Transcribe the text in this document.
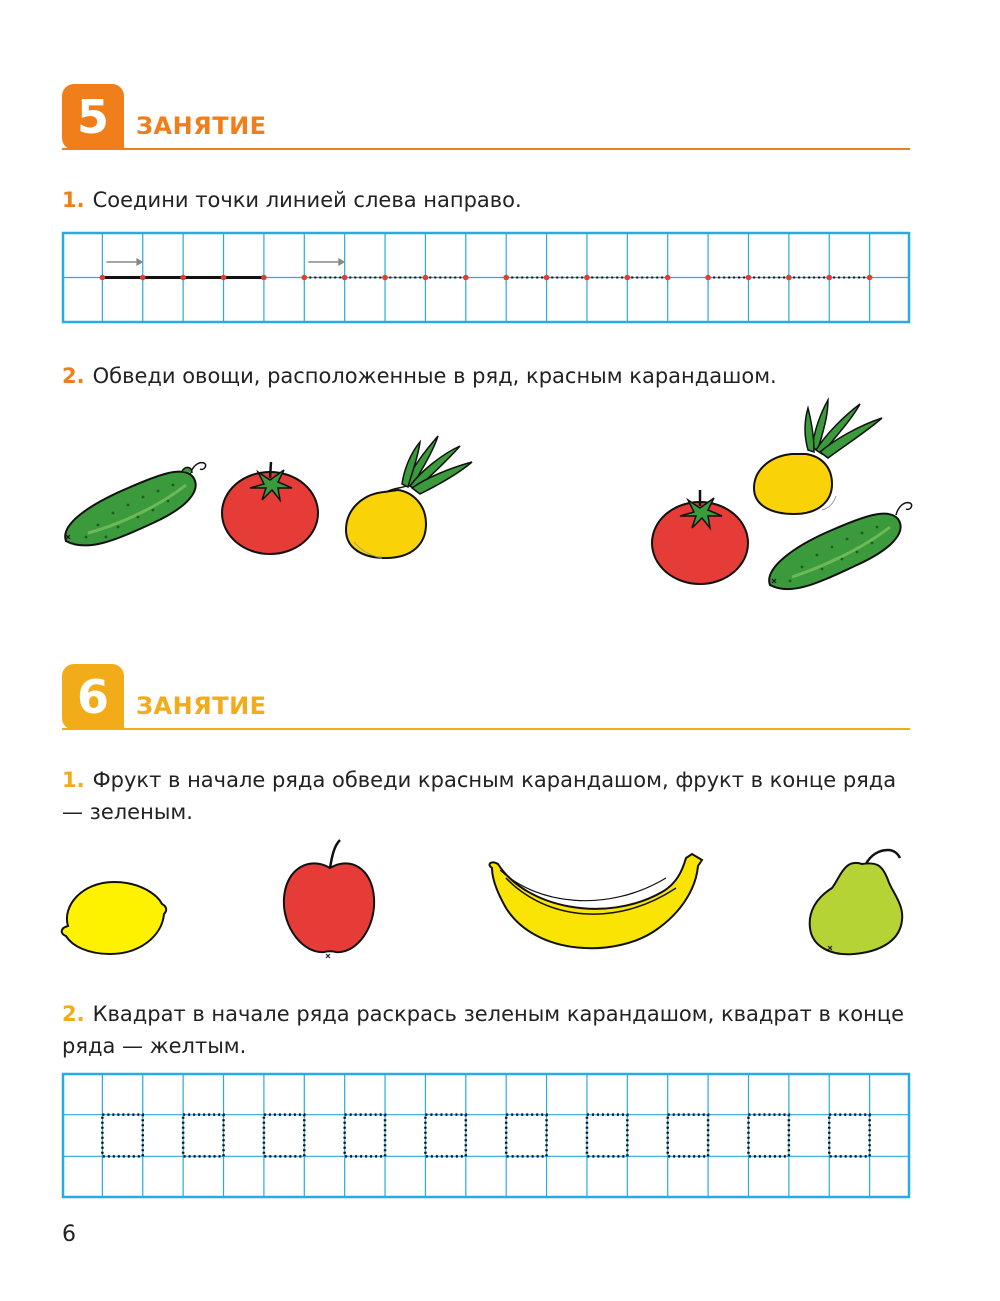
5	ЗАНЯТИЕ
1. Соедини точки линией слева направо.
2. Обведи овощи, расположенные в ряд, красным карандашом.
6	ЗАНЯТИЕ
1. Фрукт в начале ряда обведи красным карандашом, фрукт в конце ряда — зеленым.
2. Квадрат в начале ряда раскрась зеленым карандашом, квадрат в конце ряда — желтым.
6
